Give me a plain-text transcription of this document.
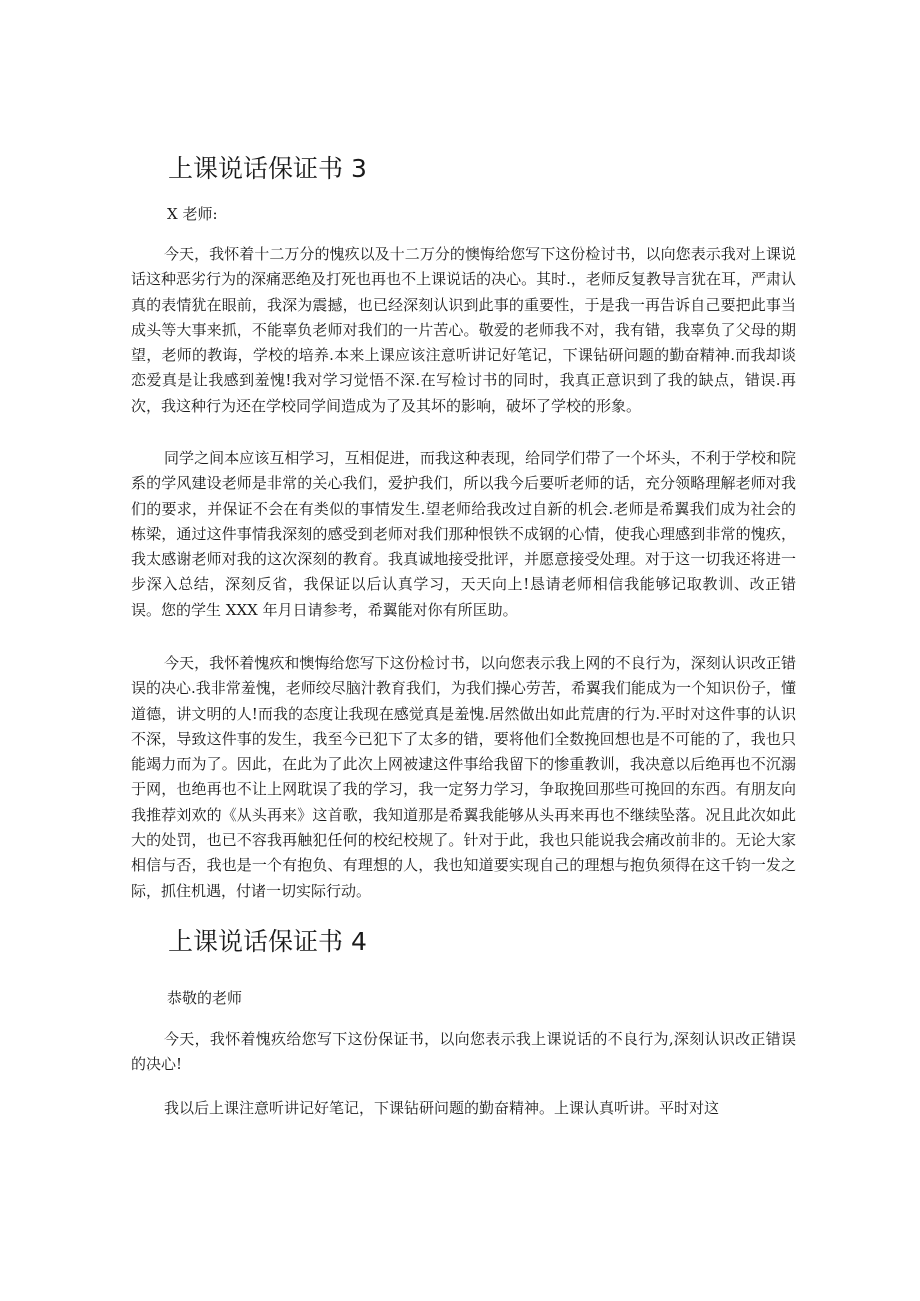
上课说话保证书 3

X 老师:

今天，我怀着十二万分的愧疚以及十二万分的懊悔给您写下这份检讨书，以向您表示我对上课说话这种恶劣行为的深痛恶绝及打死也再也不上课说话的决心。其时.，老师反复教导言犹在耳，严肃认真的表情犹在眼前，我深为震撼，也已经深刻认识到此事的重要性，于是我一再告诉自己要把此事当成头等大事来抓，不能辜负老师对我们的一片苦心。敬爱的老师我不对，我有错，我辜负了父母的期望，老师的教诲，学校的培养.本来上课应该注意听讲记好笔记，下课钻研问题的勤奋精神.而我却谈恋爱真是让我感到羞愧!我对学习觉悟不深.在写检讨书的同时，我真正意识到了我的缺点，错误.再次，我这种行为还在学校同学间造成为了及其坏的影响，破坏了学校的形象。

同学之间本应该互相学习，互相促进，而我这种表现，给同学们带了一个坏头，不利于学校和院系的学风建设老师是非常的关心我们，爱护我们，所以我今后要听老师的话，充分领略理解老师对我们的要求，并保证不会在有类似的事情发生.望老师给我改过自新的机会.老师是希翼我们成为社会的栋梁，通过这件事情我深刻的感受到老师对我们那种恨铁不成钢的心情，使我心理感到非常的愧疚，我太感谢老师对我的这次深刻的教育。我真诚地接受批评，并愿意接受处理。对于这一切我还将进一步深入总结，深刻反省，我保证以后认真学习，天天向上!恳请老师相信我能够记取教训、改正错误。您的学生 XXX 年月日请参考，希翼能对你有所匡助。

今天，我怀着愧疚和懊悔给您写下这份检讨书，以向您表示我上网的不良行为，深刻认识改正错误的决心.我非常羞愧，老师绞尽脑汁教育我们，为我们操心劳苦，希翼我们能成为一个知识份子，懂道德，讲文明的人!而我的态度让我现在感觉真是羞愧.居然做出如此荒唐的行为.平时对这件事的认识不深，导致这件事的发生，我至今已犯下了太多的错，要将他们全数挽回想也是不可能的了，我也只能竭力而为了。因此，在此为了此次上网被逮这件事给我留下的惨重教训，我决意以后绝再也不沉溺于网，也绝再也不让上网耽误了我的学习，我一定努力学习，争取挽回那些可挽回的东西。有朋友向我推荐刘欢的《从头再来》这首歌，我知道那是希翼我能够从头再来再也不继续坠落。况且此次如此大的处罚，也已不容我再触犯任何的校纪校规了。针对于此，我也只能说我会痛改前非的。无论大家相信与否，我也是一个有抱负、有理想的人，我也知道要实现自己的理想与抱负须得在这千钧一发之际，抓住机遇，付诸一切实际行动。

上课说话保证书 4

恭敬的老师

今天，我怀着愧疚给您写下这份保证书，以向您表示我上课说话的不良行为,深刻认识改正错误的决心!

我以后上课注意听讲记好笔记，下课钻研问题的勤奋精神。上课认真听讲。平时对这
